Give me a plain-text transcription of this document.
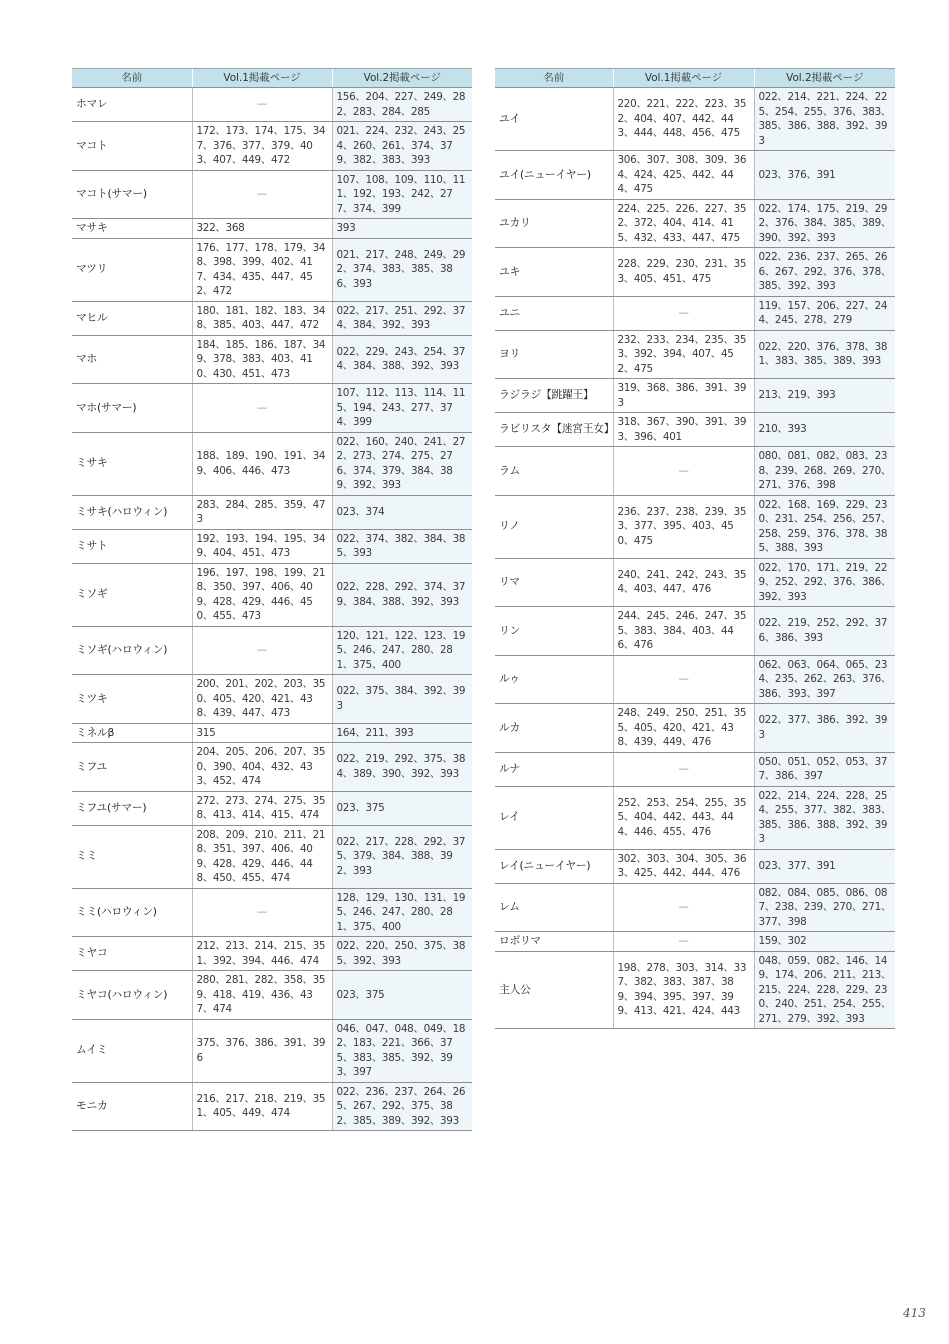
名前	Vol.1掲載ページ	Vol.2掲載ページ
ホマレ	—	156、204、227、249、282、283、284、285
マコト	172、173、174、175、347、376、377、379、403、407、449、472	021、224、232、243、254、260、261、374、379、382、383、393
マコト(サマー)	—	107、108、109、110、111、192、193、242、277、374、399
マサキ	322、368	393
マツリ	176、177、178、179、348、398、399、402、417、434、435、447、452、472	021、217、248、249、292、374、383、385、386、393
マヒル	180、181、182、183、348、385、403、447、472	022、217、251、292、374、384、392、393
マホ	184、185、186、187、349、378、383、403、410、430、451、473	022、229、243、254、374、384、388、392、393
マホ(サマー)	—	107、112、113、114、115、194、243、277、374、399
ミサキ	188、189、190、191、349、406、446、473	022、160、240、241、272、273、274、275、276、374、379、384、389、392、393
ミサキ(ハロウィン)	283、284、285、359、473	023、374
ミサト	192、193、194、195、349、404、451、473	022、374、382、384、385、393
ミソギ	196、197、198、199、218、350、397、406、409、428、429、446、450、455、473	022、228、292、374、379、384、388、392、393
ミソギ(ハロウィン)	—	120、121、122、123、195、246、247、280、281、375、400
ミツキ	200、201、202、203、350、405、420、421、438、439、447、473	022、375、384、392、393
ミネルβ	315	164、211、393
ミフユ	204、205、206、207、350、390、404、432、433、452、474	022、219、292、375、384、389、390、392、393
ミフユ(サマー)	272、273、274、275、358、413、414、415、474	023、375
ミミ	208、209、210、211、218、351、397、406、409、428、429、446、448、450、455、474	022、217、228、292、375、379、384、388、392、393
ミミ(ハロウィン)	—	128、129、130、131、195、246、247、280、281、375、400
ミヤコ	212、213、214、215、351、392、394、446、474	022、220、250、375、385、392、393
ミヤコ(ハロウィン)	280、281、282、358、359、418、419、436、437、474	023、375
ムイミ	375、376、386、391、396	046、047、048、049、182、183、221、366、375、383、385、392、393、397
モニカ	216、217、218、219、351、405、449、474	022、236、237、264、265、267、292、375、382、385、389、392、393
名前	Vol.1掲載ページ	Vol.2掲載ページ
ユイ	220、221、222、223、352、404、407、442、443、444、448、456、475	022、214、221、224、225、254、255、376、383、385、386、388、392、393
ユイ(ニューイヤー)	306、307、308、309、364、424、425、442、444、475	023、376、391
ユカリ	224、225、226、227、352、372、404、414、415、432、433、447、475	022、174、175、219、292、376、384、385、389、390、392、393
ユキ	228、229、230、231、353、405、451、475	022、236、237、265、266、267、292、376、378、385、392、393
ユニ	—	119、157、206、227、244、245、278、279
ヨリ	232、233、234、235、353、392、394、407、452、475	022、220、376、378、381、383、385、389、393
ラジラジ【跳躍王】	319、368、386、391、393	213、219、393
ラビリスタ【迷宮王女】	318、367、390、391、393、396、401	210、393
ラム	—	080、081、082、083、238、239、268、269、270、271、376、398
リノ	236、237、238、239、353、377、395、403、450、475	022、168、169、229、230、231、254、256、257、258、259、376、378、385、388、393
リマ	240、241、242、243、354、403、447、476	022、170、171、219、229、252、292、376、386、392、393
リン	244、245、246、247、355、383、384、403、446、476	022、219、252、292、376、386、393
ルゥ	—	062、063、064、065、234、235、262、263、376、386、393、397
ルカ	248、249、250、251、355、405、420、421、438、439、449、476	022、377、386、392、393
ルナ	—	050、051、052、053、377、386、397
レイ	252、253、254、255、355、404、442、443、444、446、455、476	022、214、224、228、254、255、377、382、383、385、386、388、392、393
レイ(ニューイヤー)	302、303、304、305、363、425、442、444、476	023、377、391
レム	—	082、084、085、086、087、238、239、270、271、377、398
ロボリマ	—	159、302
主人公	198、278、303、314、337、382、383、387、389、394、395、397、399、413、421、424、443	048、059、082、146、149、174、206、211、213、215、224、228、229、230、240、251、254、255、271、279、392、393
413
